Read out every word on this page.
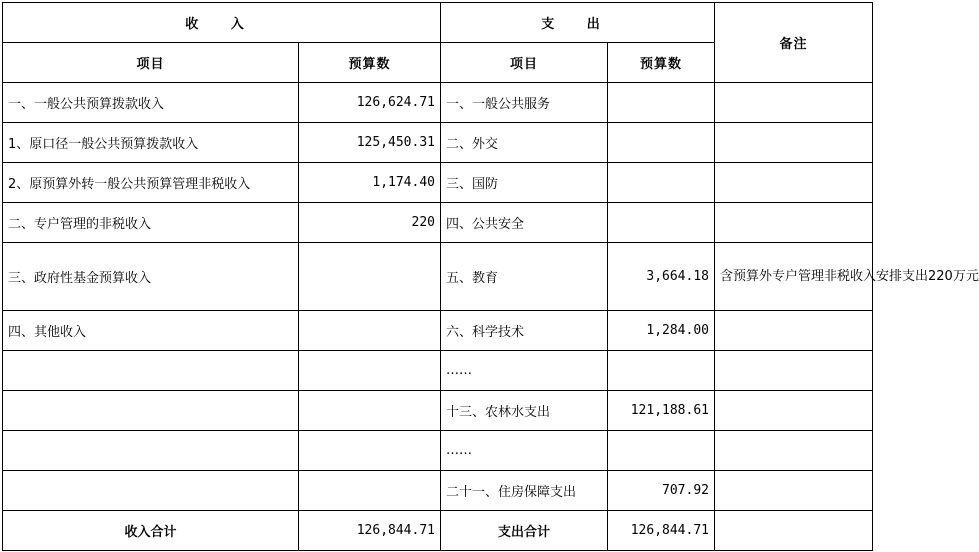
收 入		支 出		备注
项目	预算数	项目	预算数	
一、一般公共预算拨款收入	126,624.71	一、一般公共服务		
1、原口径一般公共预算拨款收入	125,450.31	二、外交		
2、原预算外转一般公共预算管理非税收入	1,174.40	三、国防		
二、专户管理的非税收入	220	四、公共安全		
三、政府性基金预算收入		五、教育	3,664.18	含预算外专户管理非税收入安排支出220万元
四、其他收入		六、科学技术	1,284.00	
		……		
		十三、农林水支出	121,188.61	
		……		
		二十一、住房保障支出	707.92	
收入合计	126,844.71	支出合计	126,844.71	
